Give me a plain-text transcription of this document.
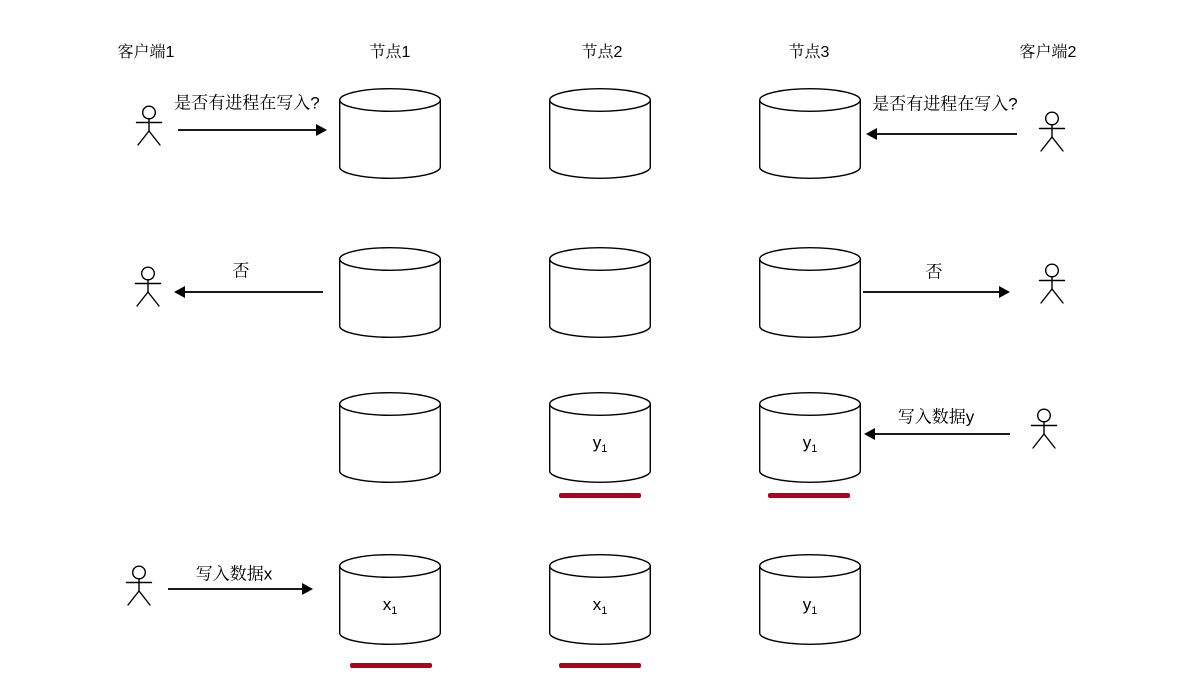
客户端1	节点1	节点2	节点3	客户端2
是否有进程在写入?	是否有进程在写入?
否	否
$y_1$	$y_1$
写入数据y
写入数据x
$x_1$	$x_1$	$y_1$
